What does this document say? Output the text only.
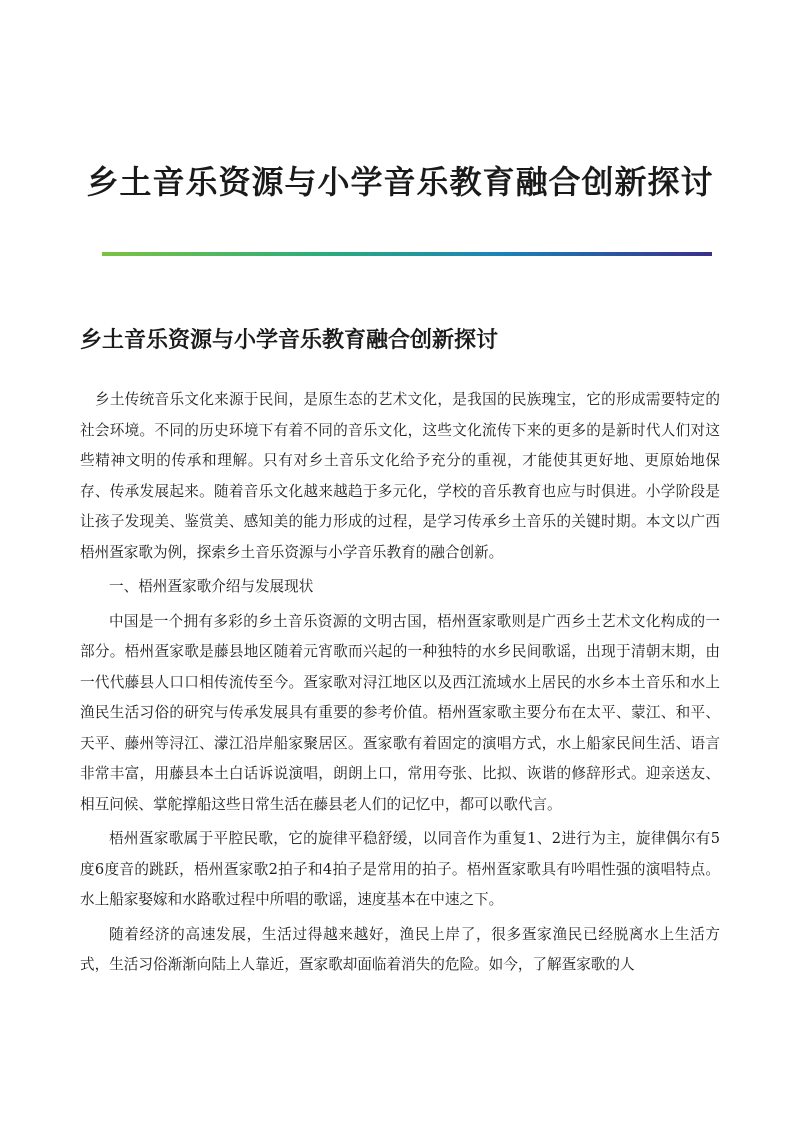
乡土音乐资源与小学音乐教育融合创新探讨
乡土音乐资源与小学音乐教育融合创新探讨

乡土传统音乐文化来源于民间，是原生态的艺术文化，是我国的民族瑰宝，它的形成需要特定的社会环境。不同的历史环境下有着不同的音乐文化，这些文化流传下来的更多的是新时代人们对这些精神文明的传承和理解。只有对乡土音乐文化给予充分的重视，才能使其更好地、更原始地保存、传承发展起来。随着音乐文化越来越趋于多元化，学校的音乐教育也应与时俱进。小学阶段是让孩子发现美、鉴赏美、感知美的能力形成的过程，是学习传承乡土音乐的关键时期。本文以广西梧州疍家歌为例，探索乡土音乐资源与小学音乐教育的融合创新。

一、梧州疍家歌介绍与发展现状

中国是一个拥有多彩的乡土音乐资源的文明古国，梧州疍家歌则是广西乡土艺术文化构成的一部分。梧州疍家歌是藤县地区随着元宵歌而兴起的一种独特的水乡民间歌谣，出现于清朝末期，由一代代藤县人口口相传流传至今。疍家歌对浔江地区以及西江流域水上居民的水乡本土音乐和水上渔民生活习俗的研究与传承发展具有重要的参考价值。梧州疍家歌主要分布在太平、蒙江、和平、天平、藤州等浔江、濛江沿岸船家聚居区。疍家歌有着固定的演唱方式，水上船家民间生活、语言非常丰富，用藤县本土白话诉说演唱，朗朗上口，常用夸张、比拟、诙谐的修辞形式。迎亲送友、相互问候、掌舵撑船这些日常生活在藤县老人们的记忆中，都可以歌代言。

梧州疍家歌属于平腔民歌，它的旋律平稳舒缓，以同音作为重复1、2进行为主，旋律偶尔有5度6度音的跳跃，梧州疍家歌2拍子和4拍子是常用的拍子。梧州疍家歌具有吟唱性强的演唱特点。水上船家娶嫁和水路歌过程中所唱的歌谣，速度基本在中速之下。

随着经济的高速发展，生活过得越来越好，渔民上岸了，很多疍家渔民已经脱离水上生活方式，生活习俗渐渐向陆上人靠近，疍家歌却面临着消失的危险。如今，了解疍家歌的人
